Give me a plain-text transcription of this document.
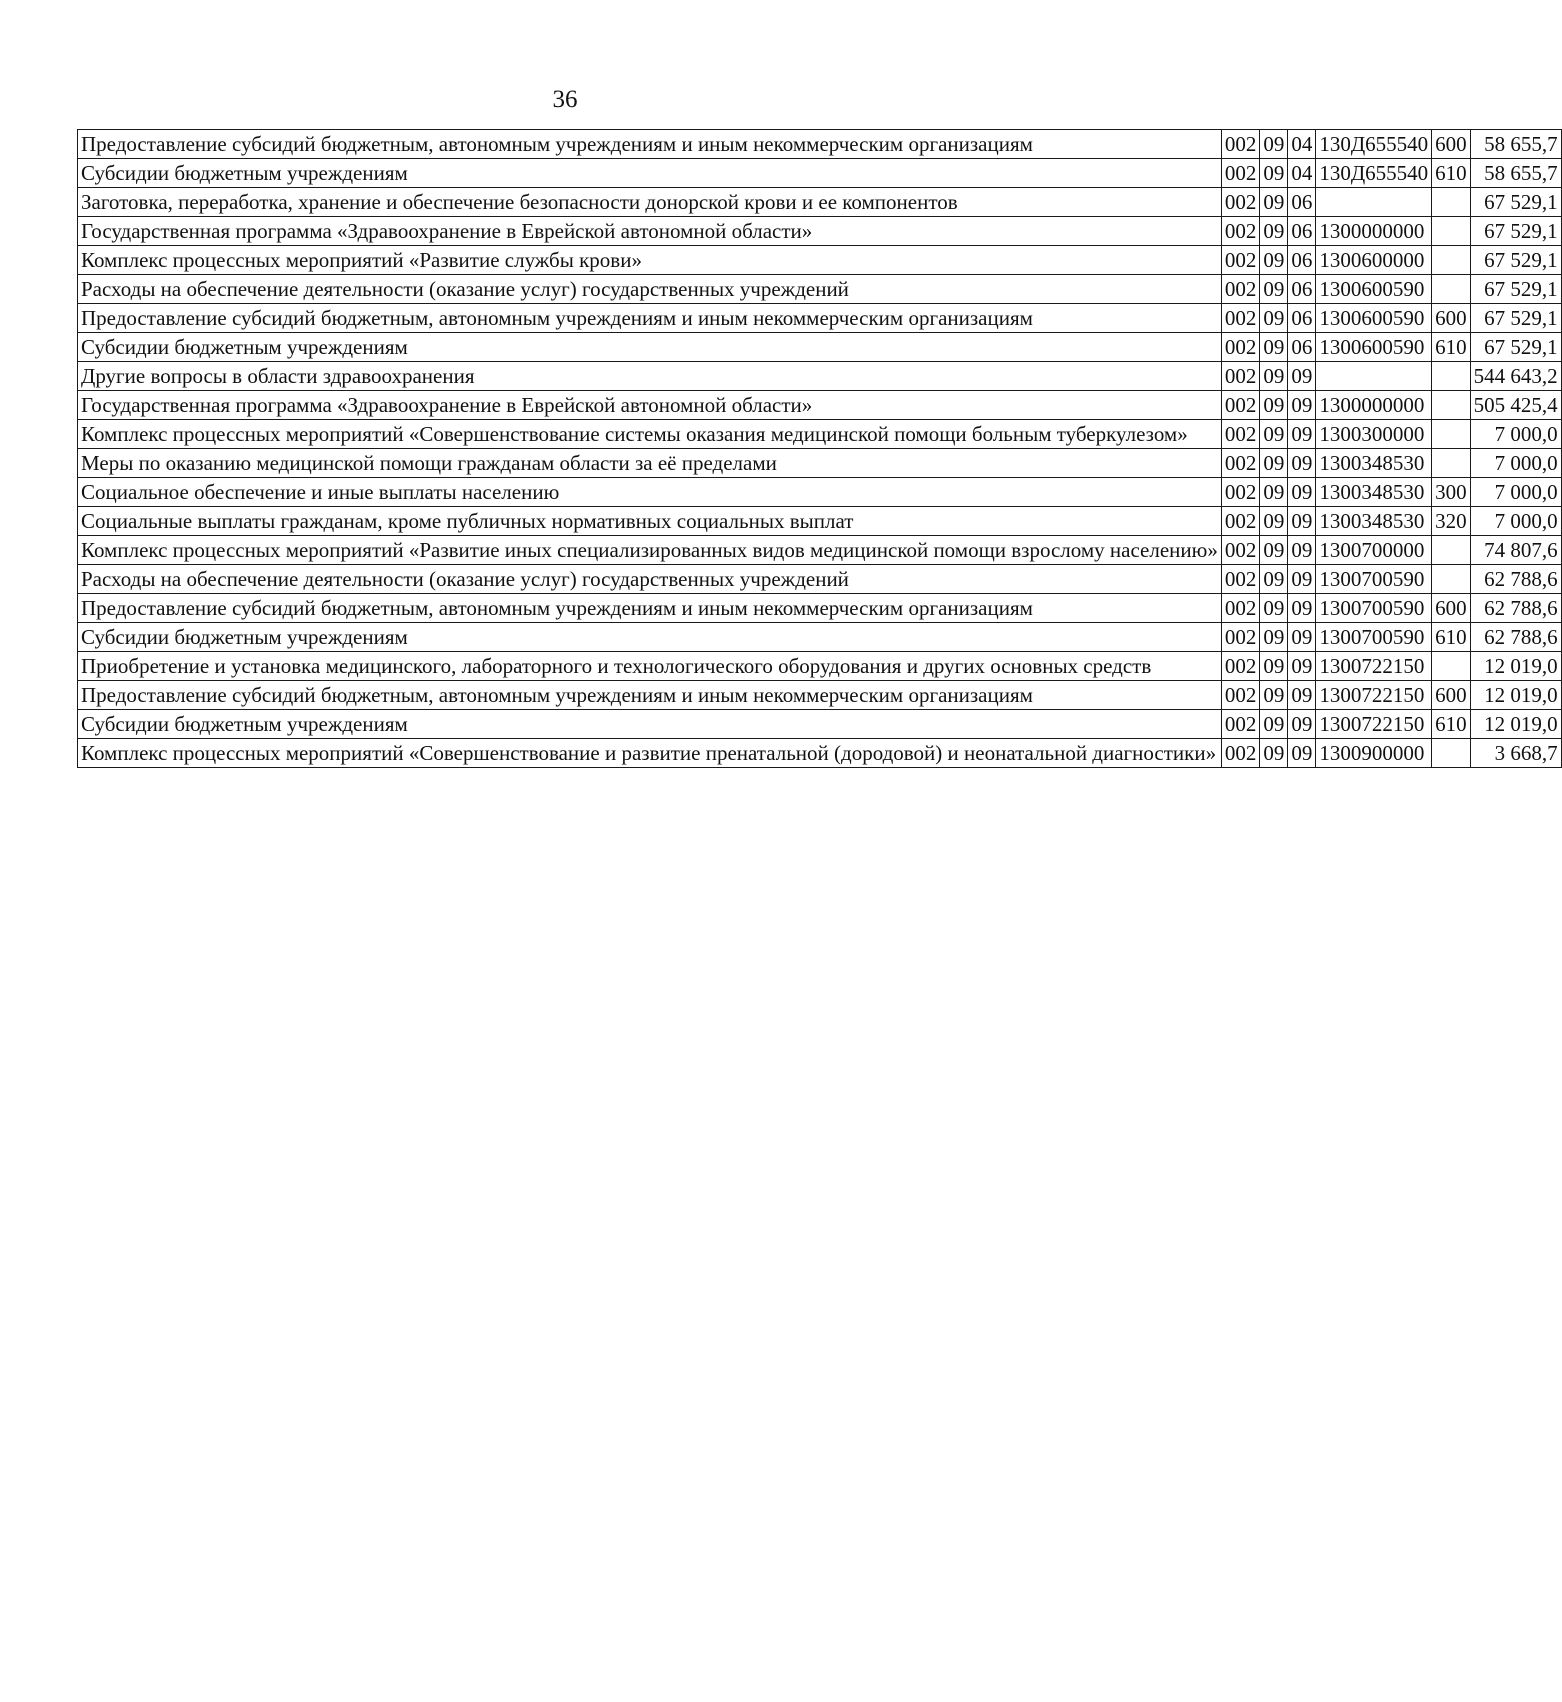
36
Предоставление субсидий бюджетным, автономным учреждениям и иным некоммерческим организациям	002	09	04	130Д655540	600	58 655,7
Субсидии бюджетным учреждениям	002	09	04	130Д655540	610	58 655,7
Заготовка, переработка, хранение и обеспечение безопасности донорской крови и ее компонентов	002	09	06			67 529,1
Государственная программа «Здравоохранение в Еврейской автономной области»	002	09	06	1300000000		67 529,1
Комплекс процессных мероприятий «Развитие службы крови»	002	09	06	1300600000		67 529,1
Расходы на обеспечение деятельности (оказание услуг) государственных учреждений	002	09	06	1300600590		67 529,1
Предоставление субсидий бюджетным, автономным учреждениям и иным некоммерческим организациям	002	09	06	1300600590	600	67 529,1
Субсидии бюджетным учреждениям	002	09	06	1300600590	610	67 529,1
Другие вопросы в области здравоохранения	002	09	09			544 643,2
Государственная программа «Здравоохранение в Еврейской автономной области»	002	09	09	1300000000		505 425,4
Комплекс процессных мероприятий «Совершенствование системы оказания медицинской помощи больным туберкулезом»	002	09	09	1300300000		7 000,0
Меры по оказанию медицинской помощи гражданам области за её пределами	002	09	09	1300348530		7 000,0
Социальное обеспечение и иные выплаты населению	002	09	09	1300348530	300	7 000,0
Социальные выплаты гражданам, кроме публичных нормативных социальных выплат	002	09	09	1300348530	320	7 000,0
Комплекс процессных мероприятий «Развитие иных специализированных видов медицинской помощи взрослому населению»	002	09	09	1300700000		74 807,6
Расходы на обеспечение деятельности (оказание услуг) государственных учреждений	002	09	09	1300700590		62 788,6
Предоставление субсидий бюджетным, автономным учреждениям и иным некоммерческим организациям	002	09	09	1300700590	600	62 788,6
Субсидии бюджетным учреждениям	002	09	09	1300700590	610	62 788,6
Приобретение и установка медицинского, лабораторного и технологического оборудования и других основных средств	002	09	09	1300722150		12 019,0
Предоставление субсидий бюджетным, автономным учреждениям и иным некоммерческим организациям	002	09	09	1300722150	600	12 019,0
Субсидии бюджетным учреждениям	002	09	09	1300722150	610	12 019,0
Комплекс процессных мероприятий «Совершенствование и развитие пренатальной (дородовой) и неонатальной диагностики»	002	09	09	1300900000		3 668,7
